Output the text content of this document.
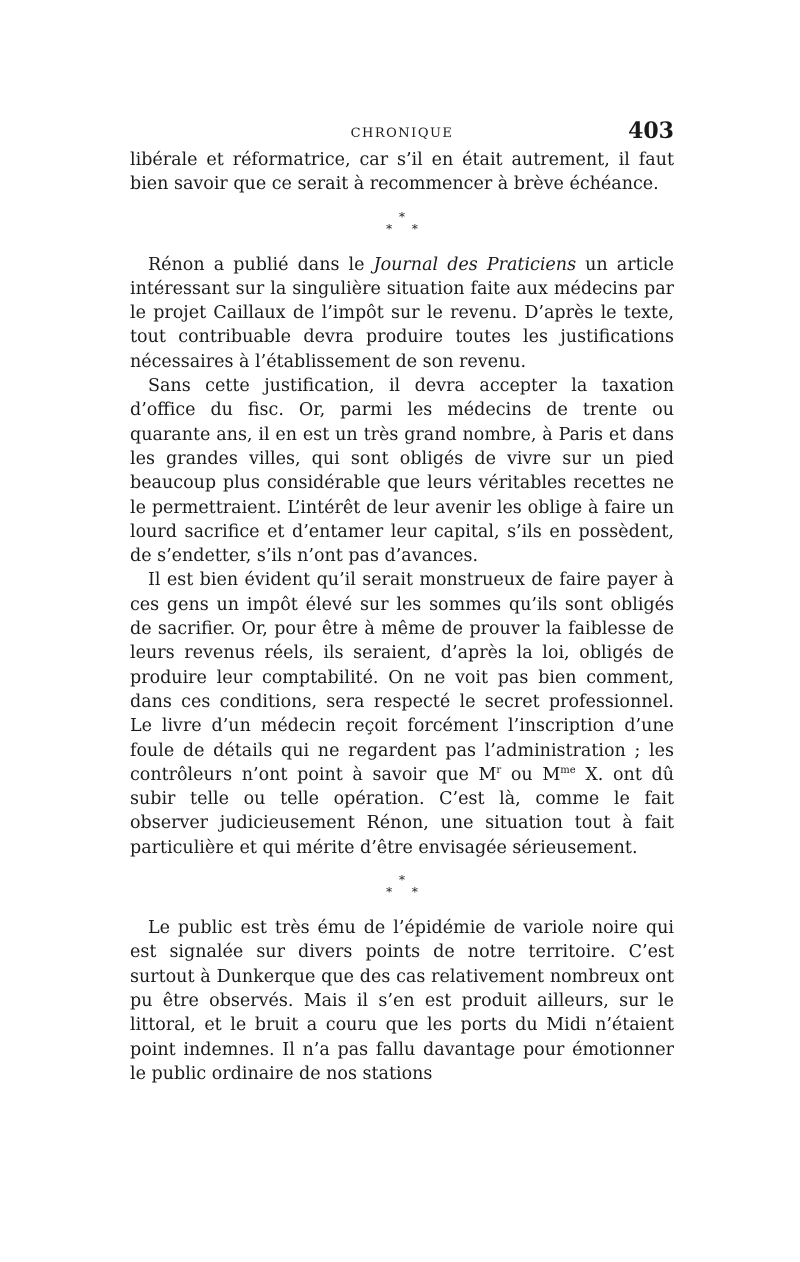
CHRONIQUE	403

libérale et réformatrice, car s’il en était autrement, il faut bien savoir que ce serait à recommencer à brève échéance.

*
* *

Rénon a publié dans le Journal des Praticiens un article intéressant sur la singulière situation faite aux médecins par le projet Caillaux de l’impôt sur le revenu. D’après le texte, tout contribuable devra produire toutes les justifications nécessaires à l’établissement de son revenu.

Sans cette justification, il devra accepter la taxation d’office du fisc. Or, parmi les médecins de trente ou quarante ans, il en est un très grand nombre, à Paris et dans les grandes villes, qui sont obligés de vivre sur un pied beaucoup plus considérable que leurs véritables recettes ne le permettraient. L’intérêt de leur avenir les oblige à faire un lourd sacrifice et d’entamer leur capital, s’ils en possèdent, de s’endetter, s’ils n’ont pas d’avances.

Il est bien évident qu’il serait monstrueux de faire payer à ces gens un impôt élevé sur les sommes qu’ils sont obligés de sacrifier. Or, pour être à même de prouver la faiblesse de leurs revenus réels, ils seraient, d’après la loi, obligés de produire leur comptabilité. On ne voit pas bien comment, dans ces conditions, sera respecté le secret professionnel. Le livre d’un médecin reçoit forcément l’inscription d’une foule de détails qui ne regardent pas l’administration ; les contrôleurs n’ont point à savoir que $M^r$ ou $M^{me}$ X. ont dû subir telle ou telle opération. C’est là, comme le fait observer judicieusement Rénon, une situation tout à fait particulière et qui mérite d’être envisagée sérieusement.

*
* *

Le public est très ému de l’épidémie de variole noire qui est signalée sur divers points de notre territoire. C’est surtout à Dunkerque que des cas relativement nombreux ont pu être observés. Mais il s’en est produit ailleurs, sur le littoral, et le bruit a couru que les ports du Midi n’étaient point indemnes. Il n’a pas fallu davantage pour émotionner le public ordinaire de nos stations
